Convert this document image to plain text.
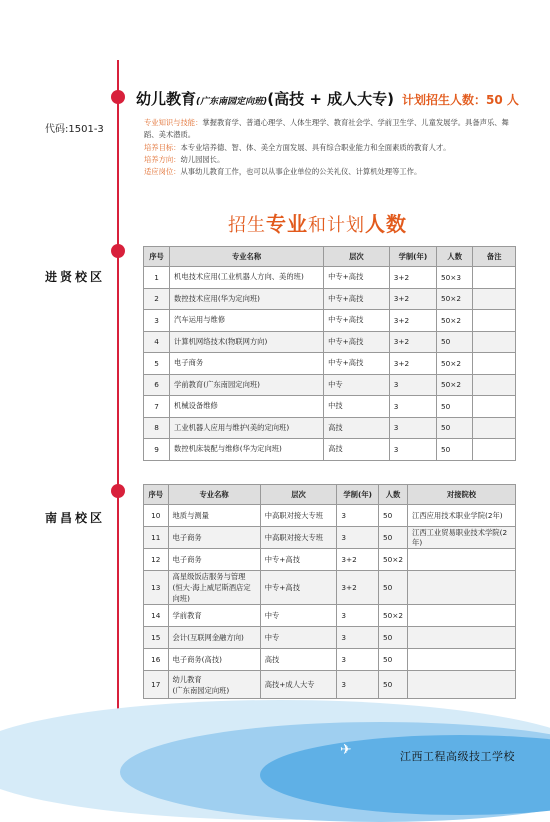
幼儿教育(广东南园定向班)(高技 + 成人大专) 计划招生人数：50 人
代码:1501-3
专业知识与技能：掌握教育学、普通心理学、人体生理学、教育社会学、学前卫生学、儿童发展学。具备声乐、舞蹈、美术潜质。
培养目标：本专业培养德、智、体、美全方面发展、具有综合职业能力和全面素质的教育人才。
培养方向：幼儿园园长。
适应岗位：从事幼儿教育工作，也可以从事企业单位的公关礼仪、计算机处理等工作。
招生专业和计划人数
进贤校区
南昌校区
序号	专业名称	层次	学制(年)	人数	备注
1	机电技术应用(工业机器人方向、美的班)	中专+高技	3+2	50×3	
2	数控技术应用(华为定向班)	中专+高技	3+2	50×2	
3	汽车运用与维修	中专+高技	3+2	50×2	
4	计算机网络技术(物联网方向)	中专+高技	3+2	50	
5	电子商务	中专+高技	3+2	50×2	
6	学前教育(广东南园定向班)	中专	3	50×2	
7	机械设备维修	中技	3	50	
8	工业机器人应用与维护(美的定向班)	高技	3	50	
9	数控机床装配与维修(华为定向班)	高技	3	50	
序号	专业名称	层次	学制(年)	人数	对接院校
10	地质与测量	中高职对接大专班	3	50	江西应用技术职业学院(2年)
11	电子商务	中高职对接大专班	3	50	江西工业贸易职业技术学院(2年)
12	电子商务	中专+高技	3+2	50×2	
13	高星级饭店服务与管理
(恒大·海上威尼斯酒店定向班)	中专+高技	3+2	50	
14	学前教育	中专	3	50×2	
15	会计(互联网金融方向)	中专	3	50	
16	电子商务(高技)	高技	3	50	
17	幼儿教育
(广东南园定向班)	高技+成人大专	3	50	
✈	江西工程高级技工学校
